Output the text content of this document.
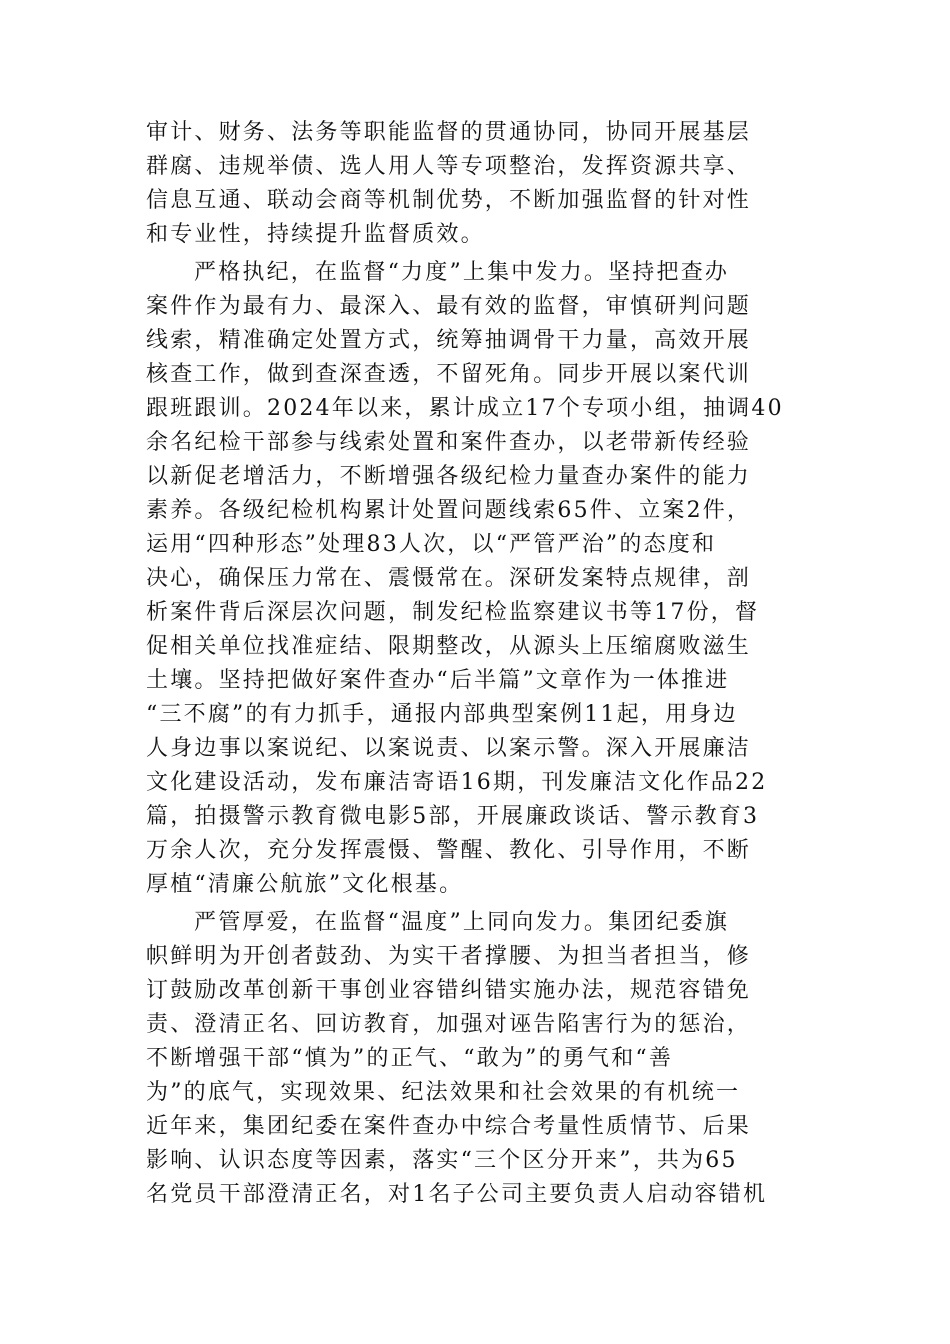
审计、财务、法务等职能监督的贯通协同，协同开展基层
群腐、违规举债、选人用人等专项整治，发挥资源共享、
信息互通、联动会商等机制优势，不断加强监督的针对性
和专业性，持续提升监督质效。
严格执纪，在监督“力度”上集中发力。坚持把查办
案件作为最有力、最深入、最有效的监督，审慎研判问题
线索，精准确定处置方式，统筹抽调骨干力量，高效开展
核查工作，做到查深查透，不留死角。同步开展以案代训
跟班跟训。2024年以来，累计成立17个专项小组，抽调40
余名纪检干部参与线索处置和案件查办，以老带新传经验
以新促老增活力，不断增强各级纪检力量查办案件的能力
素养。各级纪检机构累计处置问题线索65件、立案2件，
运用“四种形态”处理83人次，以“严管严治”的态度和
决心，确保压力常在、震慑常在。深研发案特点规律，剖
析案件背后深层次问题，制发纪检监察建议书等17份，督
促相关单位找准症结、限期整改，从源头上压缩腐败滋生
土壤。坚持把做好案件查办“后半篇”文章作为一体推进
“三不腐”的有力抓手，通报内部典型案例11起，用身边
人身边事以案说纪、以案说责、以案示警。深入开展廉洁
文化建设活动，发布廉洁寄语16期，刊发廉洁文化作品22
篇，拍摄警示教育微电影5部，开展廉政谈话、警示教育3
万余人次，充分发挥震慑、警醒、教化、引导作用，不断
厚植“清廉公航旅”文化根基。
严管厚爱，在监督“温度”上同向发力。集团纪委旗
帜鲜明为开创者鼓劲、为实干者撑腰、为担当者担当，修
订鼓励改革创新干事创业容错纠错实施办法，规范容错免
责、澄清正名、回访教育，加强对诬告陷害行为的惩治，
不断增强干部“慎为”的正气、“敢为”的勇气和“善
为”的底气，实现效果、纪法效果和社会效果的有机统一
近年来，集团纪委在案件查办中综合考量性质情节、后果
影响、认识态度等因素，落实“三个区分开来”，共为65
名党员干部澄清正名，对1名子公司主要负责人启动容错机
